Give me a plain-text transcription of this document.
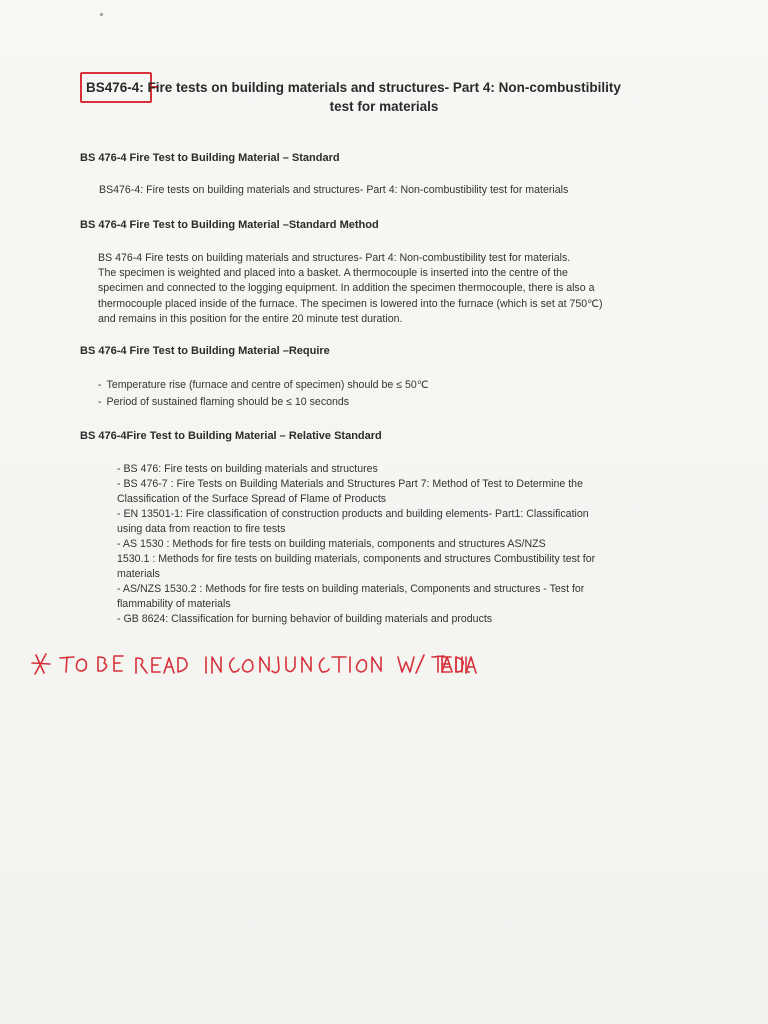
BS476-4: Fire tests on building materials and structures- Part 4: Non-combustibility
test for materials
BS 476-4 Fire Test to Building Material – Standard
BS476-4: Fire tests on building materials and structures- Part 4: Non-combustibility test for materials
BS 476-4 Fire Test to Building Material –Standard Method
BS 476-4 Fire tests on building materials and structures- Part 4: Non-combustibility test for materials.
The specimen is weighted and placed into a basket. A thermocouple is inserted into the centre of the
specimen and connected to the logging equipment. In addition the specimen thermocouple, there is also a
thermocouple placed inside of the furnace. The specimen is lowered into the furnace (which is set at 750℃)
and remains in this position for the entire 20 minute test duration.
BS 476-4 Fire Test to Building Material –Require
- Temperature rise (furnace and centre of specimen) should be ≤ 50℃
- Period of sustained flaming should be ≤ 10 seconds
BS 476-4Fire Test to Building Material – Relative Standard
- BS 476: Fire tests on building materials and structures
- BS 476-7 : Fire Tests on Building Materials and Structures Part 7: Method of Test to Determine the
Classification of the Surface Spread of Flame of Products
- EN 13501-1: Fire classification of construction products and building elements- Part1: Classification
using data from reaction to fire tests
- AS 1530 : Methods for fire tests on building materials, components and structures AS/NZS
1530.1 : Methods for fire tests on building materials, components and structures Combustibility test for
materials
- AS/NZS 1530.2 : Methods for fire tests on building materials, Components and structures - Test for
flammability of materials
- GB 8624: Classification for burning behavior of building materials and products
